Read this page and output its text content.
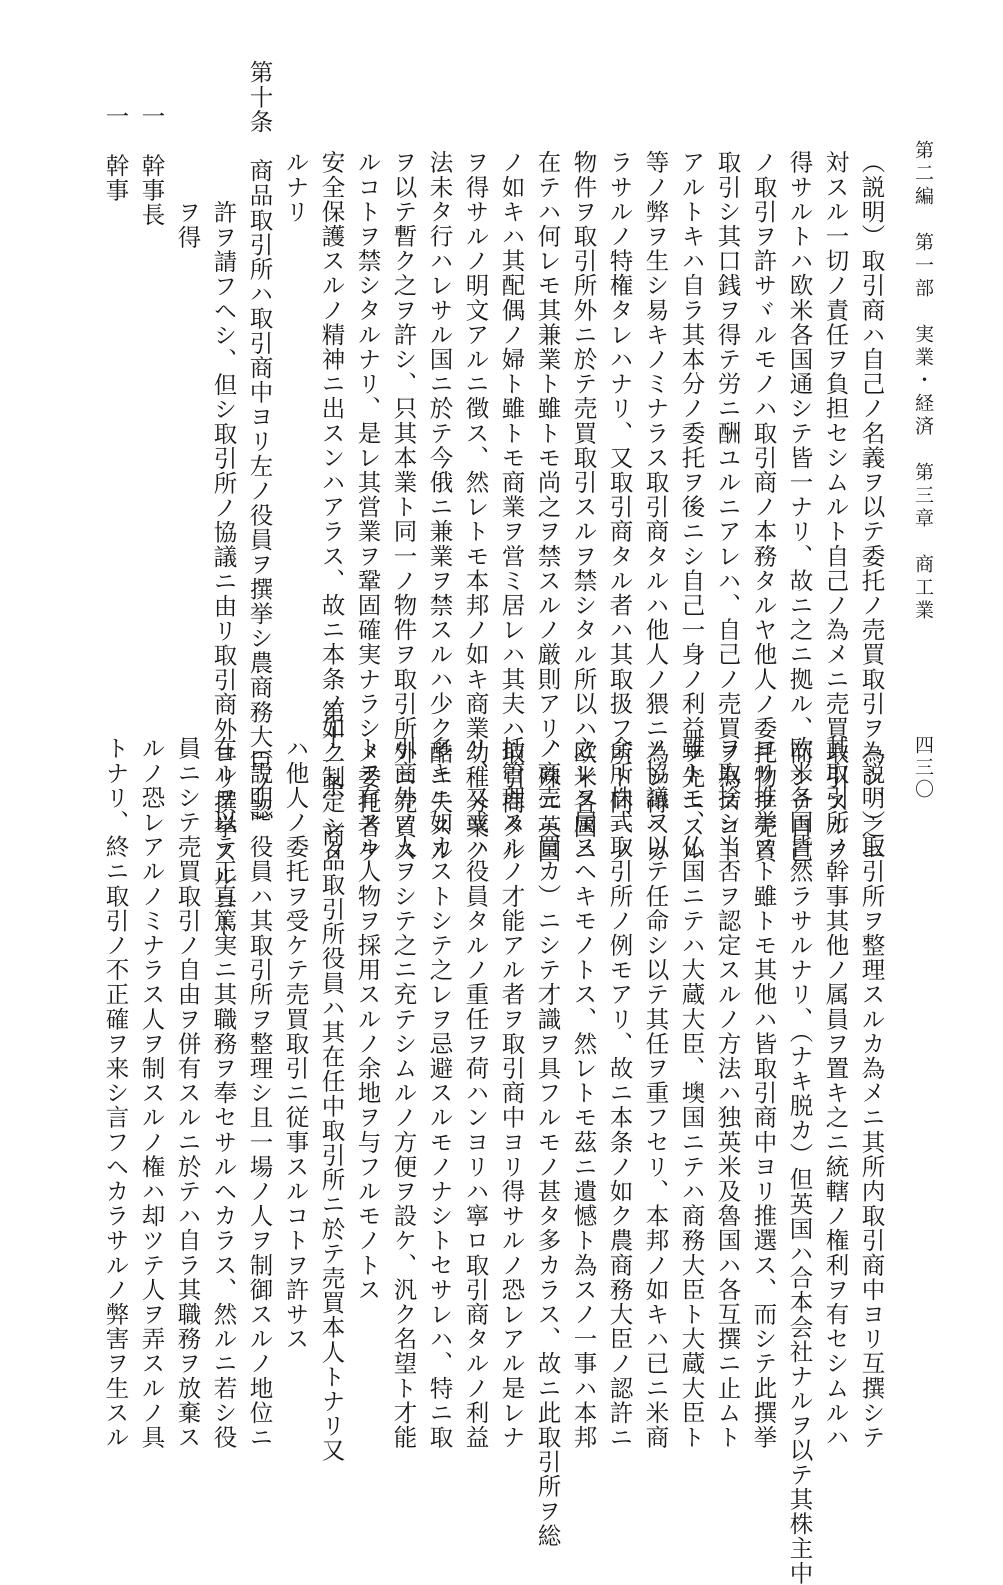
第二編　第一部　実業・経済　第三章　商工業
四三〇
（説明）取引商ハ自己ノ名義ヲ以テ委托ノ売買取引ヲ為シ、之ニ
対スル一切ノ責任ヲ負担セシムルト自己ノ為メニ売買取引スルヲ
得サルトハ欧米各国通シテ皆一ナリ、故ニ之ニ拠ル、而シテ自己
ノ取引ヲ許サヾルモノハ取引商ノ本務タルヤ他人ノ委托物ヲ売買
取引シ其口銭ヲ得テ労ニ酬ユルニアレハ、自己ノ売買ヲ為スコト
アルトキハ自ラ其本分ノ委托ヲ後ニシ自己一身ノ利益ヲ先ニスル
等ノ弊ヲ生シ易キノミナラス取引商タルハ他人ノ猥ニ為シ得ヘカ
ラサルノ特権タレハナリ、又取引商タル者ハ其取扱フ所ト同一ノ
物件ヲ取引所外ニ於テ売買取引スルヲ禁シタル所以ハ欧米各国ニ
在テハ何レモ其兼業ト雖トモ尚之ヲ禁スルノ厳則アリ、殊ニ英国
ノ如キハ其配偶ノ婦ト雖トモ商業ヲ営ミ居レハ其夫ハ取引商タル
ヲ得サルノ明文アルニ徴ス、然レトモ本邦ノ如キ商業幼稚分業ノ
法未タ行ハレサル国ニ於テ今俄ニ兼業ヲ禁スルハ少ク酷ニ失スル
ヲ以テ暫ク之ヲ許シ、只其本業ト同一ノ物件ヲ取引所外ニ売買ス
ルコトヲ禁シタルナリ、是レ其営業ヲ鞏固確実ナラシメ委托者ヲ
安全保護スルノ精神ニ出スンハアラス、故ニ本条ノ如ク制定シタ
ルナリ
第十条　商品取引所ハ取引商中ヨリ左ノ役員ヲ撰挙シ農商務大臣ノ認
許ヲ請フヘシ、但シ取引所ノ協議ニ由リ取引商外ヨリ撰挙スルコト
ヲ得
一　幹事長
一　幹事
（説明）取引所ヲ整理スルカ為メニ其所内取引商中ヨリ互撰シテ
其取引所ノ幹事其他ノ属員ヲ置キ之ニ統轄ノ権利ヲ有セシムルハ
欧米各国皆然ラサルナリ、（ナキ脱カ）但英国ハ合本会社ナルヲ以テ其株主中
ヨリ推挙スト雖トモ其他ハ皆取引商中ヨリ推選ス、而シテ此撰挙
ヲ取捨シ当否ヲ認定スルノ方法ハ独英米及魯国ハ各互撰ニ止ムト
雖トモ、仏国ニテハ大蔵大臣、墺国ニテハ商務大臣ト大蔵大臣ト
ノ協議ヲ以テ任命シ以テ其任ヲ重フセリ、本邦ノ如キハ已ニ米商
会所株式取引所ノ例モアリ、故ニ本条ノ如ク農商務大臣ノ認許ニ
之レヲ属スヘキモノトス、然レトモ茲ニ遺憾ト為スノ一事ハ本邦
ノ商売（買カ）ニシテ才識ヲ具フルモノ甚タ多カラス、故ニ此取引所ヲ総
括管理スルノ才能アル者ヲ取引商中ヨリ得サルノ恐レアル是レナ
リ、又或ハ役員タルノ重任ヲ荷ハンヨリハ寧ロ取引商タルノ利益
多キニ如カストシテ之レヲ忌避スルモノナシトセサレハ、特ニ取
引商外ノ人ヲシテ之ニ充テシムルノ方便ヲ設ケ、汎ク名望ト才能
トヲ有スル人物ヲ採用スルノ余地ヲ与フルモノトス
第十一条　商品取引所役員ハ其在任中取引所ニ於テ売買本人トナリ又
ハ他人ノ委托ヲ受ケテ売買取引ニ従事スルコトヲ許サス
（説明）役員ハ其取引所ヲ整理シ且一場ノ人ヲ制御スルノ地位ニ
在ルヲ以テ正真篤実ニ其職務ヲ奉セサルヘカラス、然ルニ若シ役
員ニシテ売買取引ノ自由ヲ併有スルニ於テハ自ラ其職務ヲ放棄ス
ルノ恐レアルノミナラス人ヲ制スルノ権ハ却ツテ人ヲ弄スルノ具
トナリ、終ニ取引ノ不正確ヲ来シ言フヘカラサルノ弊害ヲ生スル
